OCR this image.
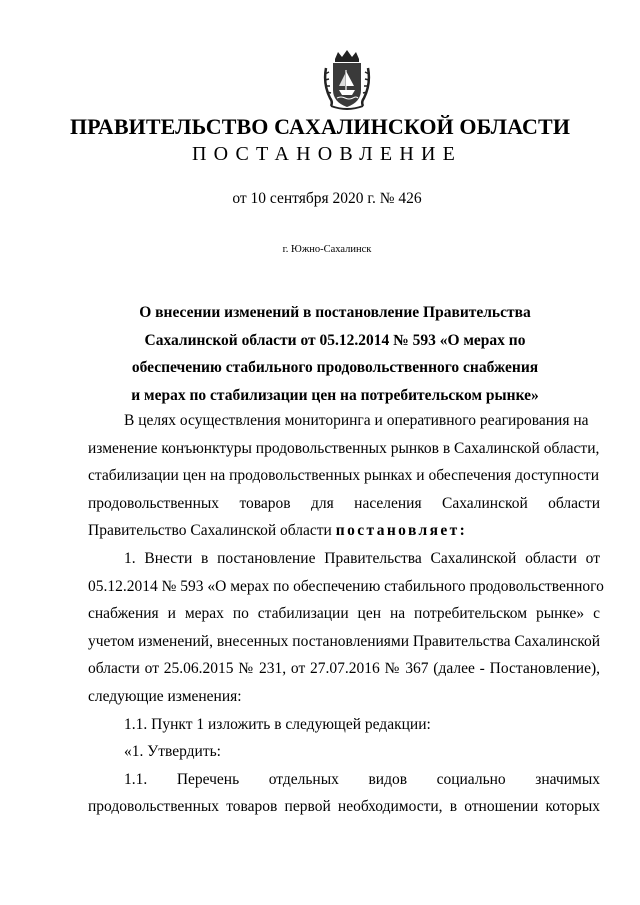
ПРАВИТЕЛЬСТВО САХАЛИНСКОЙ ОБЛАСТИ
ПОСТАНОВЛЕНИЕ
от 10 сентября 2020 г. № 426
г. Южно-Сахалинск
О внесении изменений в постановление Правительства
Сахалинской области от 05.12.2014 № 593 «О мерах по
обеспечению стабильного продовольственного снабжения
и мерах по стабилизации цен на потребительском рынке»
В целях осуществления мониторинга и оперативного реагирования на
изменение конъюнктуры продовольственных рынков в Сахалинской области,
стабилизации цен на продовольственных рынках и обеспечения доступности
продовольственных товаров для населения Сахалинской области
Правительство Сахалинской области постановляет:
1. Внести в постановление Правительства Сахалинской области от
05.12.2014 № 593 «О мерах по обеспечению стабильного продовольственного
снабжения и мерах по стабилизации цен на потребительском рынке» с
учетом изменений, внесенных постановлениями Правительства Сахалинской
области от 25.06.2015 № 231, от 27.07.2016 № 367 (далее - Постановление),
следующие изменения:
1.1. Пункт 1 изложить в следующей редакции:
«1. Утвердить:
1.1. Перечень отдельных видов социально значимых
продовольственных товаров первой необходимости, в отношении которых
